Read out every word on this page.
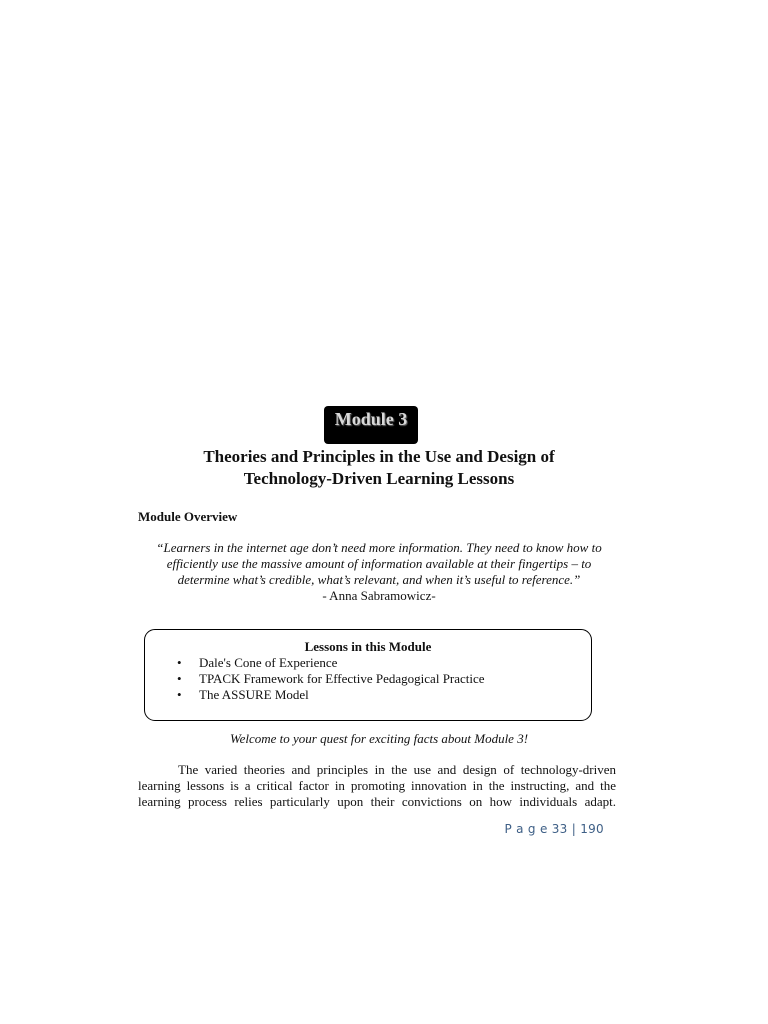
Module 3
Theories and Principles in the Use and Design of
Technology-Driven Learning Lessons
Module Overview
“Learners in the internet age don’t need more information. They need to know how to
efficiently use the massive amount of information available at their fingertips – to
determine what’s credible, what’s relevant, and when it’s useful to reference.”
- Anna Sabramowicz-
Lessons in this Module
• Dale's Cone of Experience
• TPACK Framework for Effective Pedagogical Practice
• The ASSURE Model
Welcome to your quest for exciting facts about Module 3!
The varied theories and principles in the use and design of technology-driven
learning lessons is a critical factor in promoting innovation in the instructing, and the
learning process relies particularly upon their convictions on how individuals adapt.
P a g e 33 | 190
